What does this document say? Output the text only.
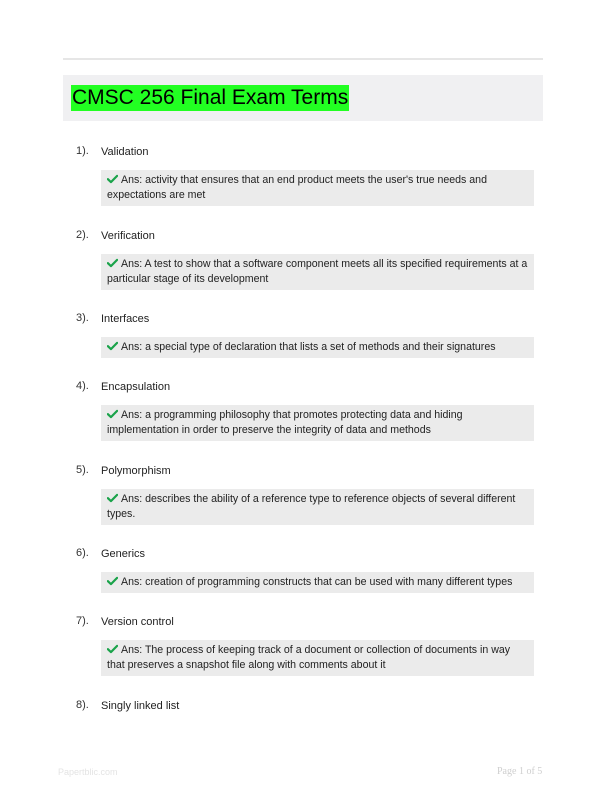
CMSC 256 Final Exam Terms
1). Validation
Ans: activity that ensures that an end product meets the user's true needs and expectations are met
2). Verification
Ans: A test to show that a software component meets all its specified requirements at a particular stage of its development
3). Interfaces
Ans: a special type of declaration that lists a set of methods and their signatures
4). Encapsulation
Ans: a programming philosophy that promotes protecting data and hiding implementation in order to preserve the integrity of data and methods
5). Polymorphism
Ans: describes the ability of a reference type to reference objects of several different types.
6). Generics
Ans: creation of programming constructs that can be used with many different types
7). Version control
Ans: The process of keeping track of a document or collection of documents in way that preserves a snapshot file along with comments about it
8). Singly linked list
Papertblic.com	Page 1 of 5
